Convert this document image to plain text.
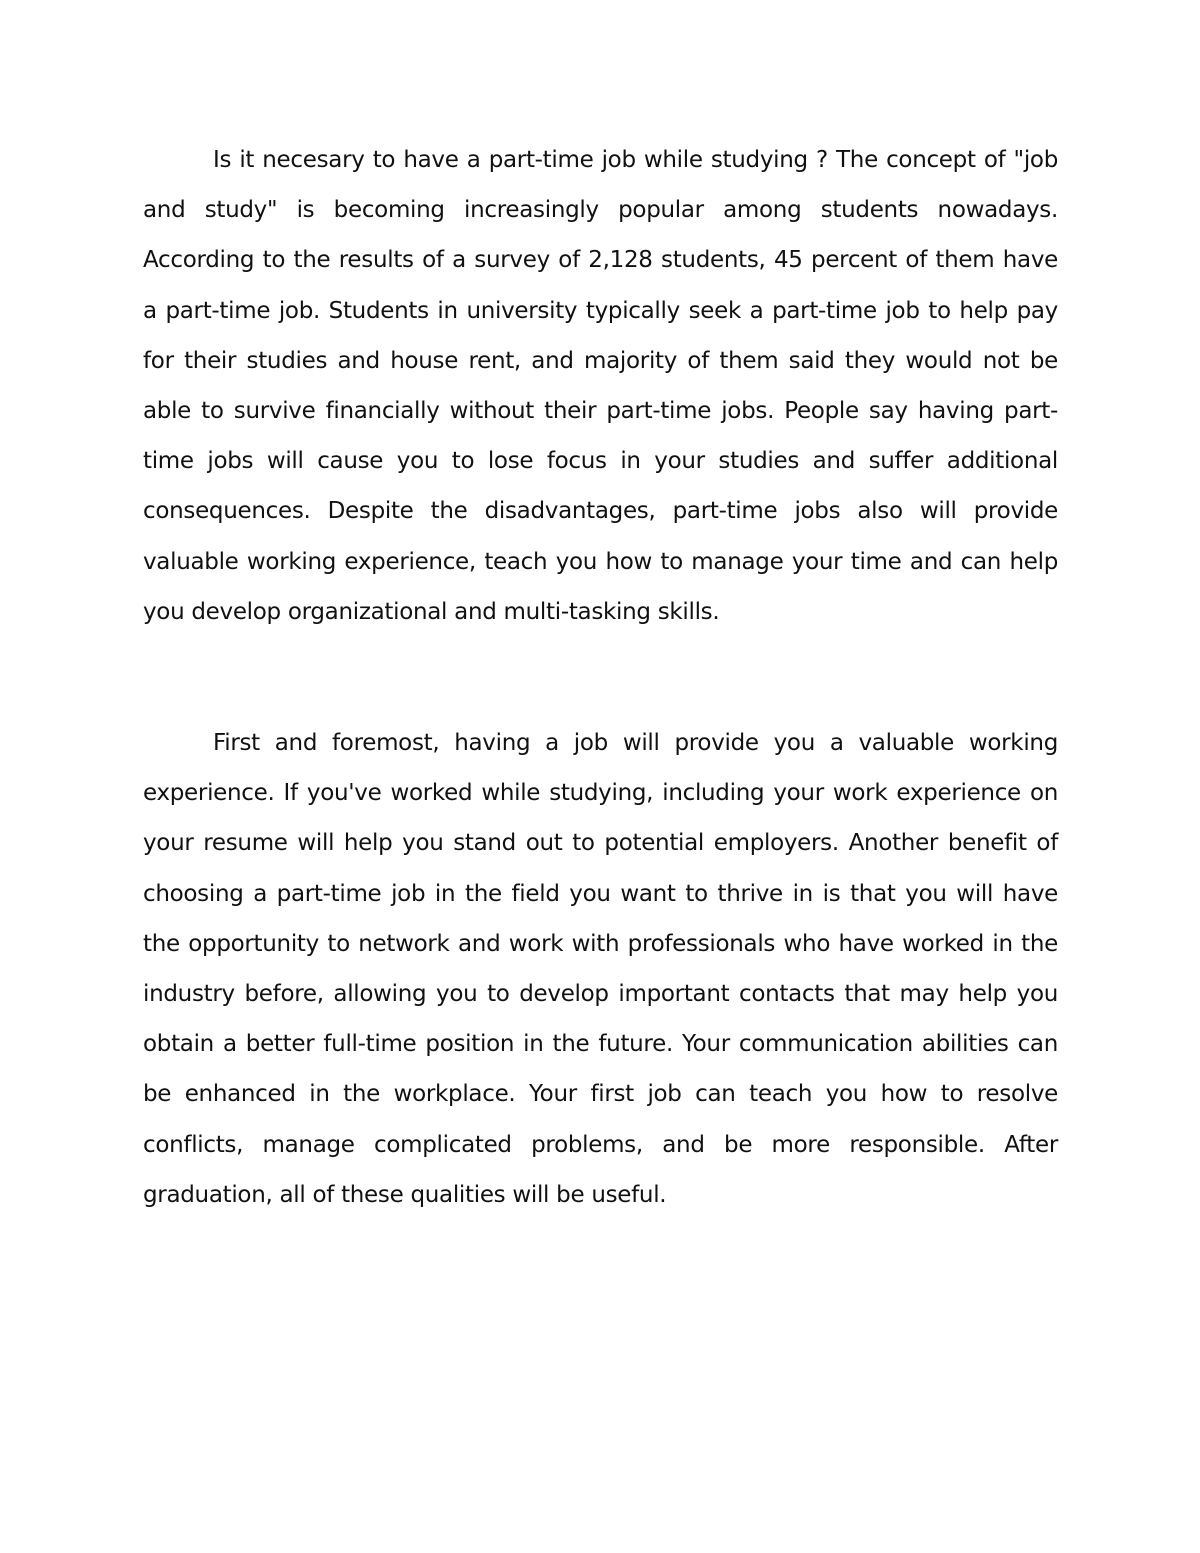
Is it necesary to have a part-time job while studying ? The concept of "job and study" is becoming increasingly popular among students nowadays. According to the results of a survey of 2,128 students, 45 percent of them have a part-time job. Students in university typically seek a part-time job to help pay for their studies and house rent, and majority of them said they would not be able to survive financially without their part-time jobs. People say having part-time jobs will cause you to lose focus in your studies and suffer additional consequences. Despite the disadvantages, part-time jobs also will provide valuable working experience, teach you how to manage your time and can help you develop organizational and multi-tasking skills.

First and foremost, having a job will provide you a valuable working experience. If you've worked while studying, including your work experience on your resume will help you stand out to potential employers. Another benefit of choosing a part-time job in the field you want to thrive in is that you will have the opportunity to network and work with professionals who have worked in the industry before, allowing you to develop important contacts that may help you obtain a better full-time position in the future. Your communication abilities can be enhanced in the workplace. Your first job can teach you how to resolve conflicts, manage complicated problems, and be more responsible. After graduation, all of these qualities will be useful.
